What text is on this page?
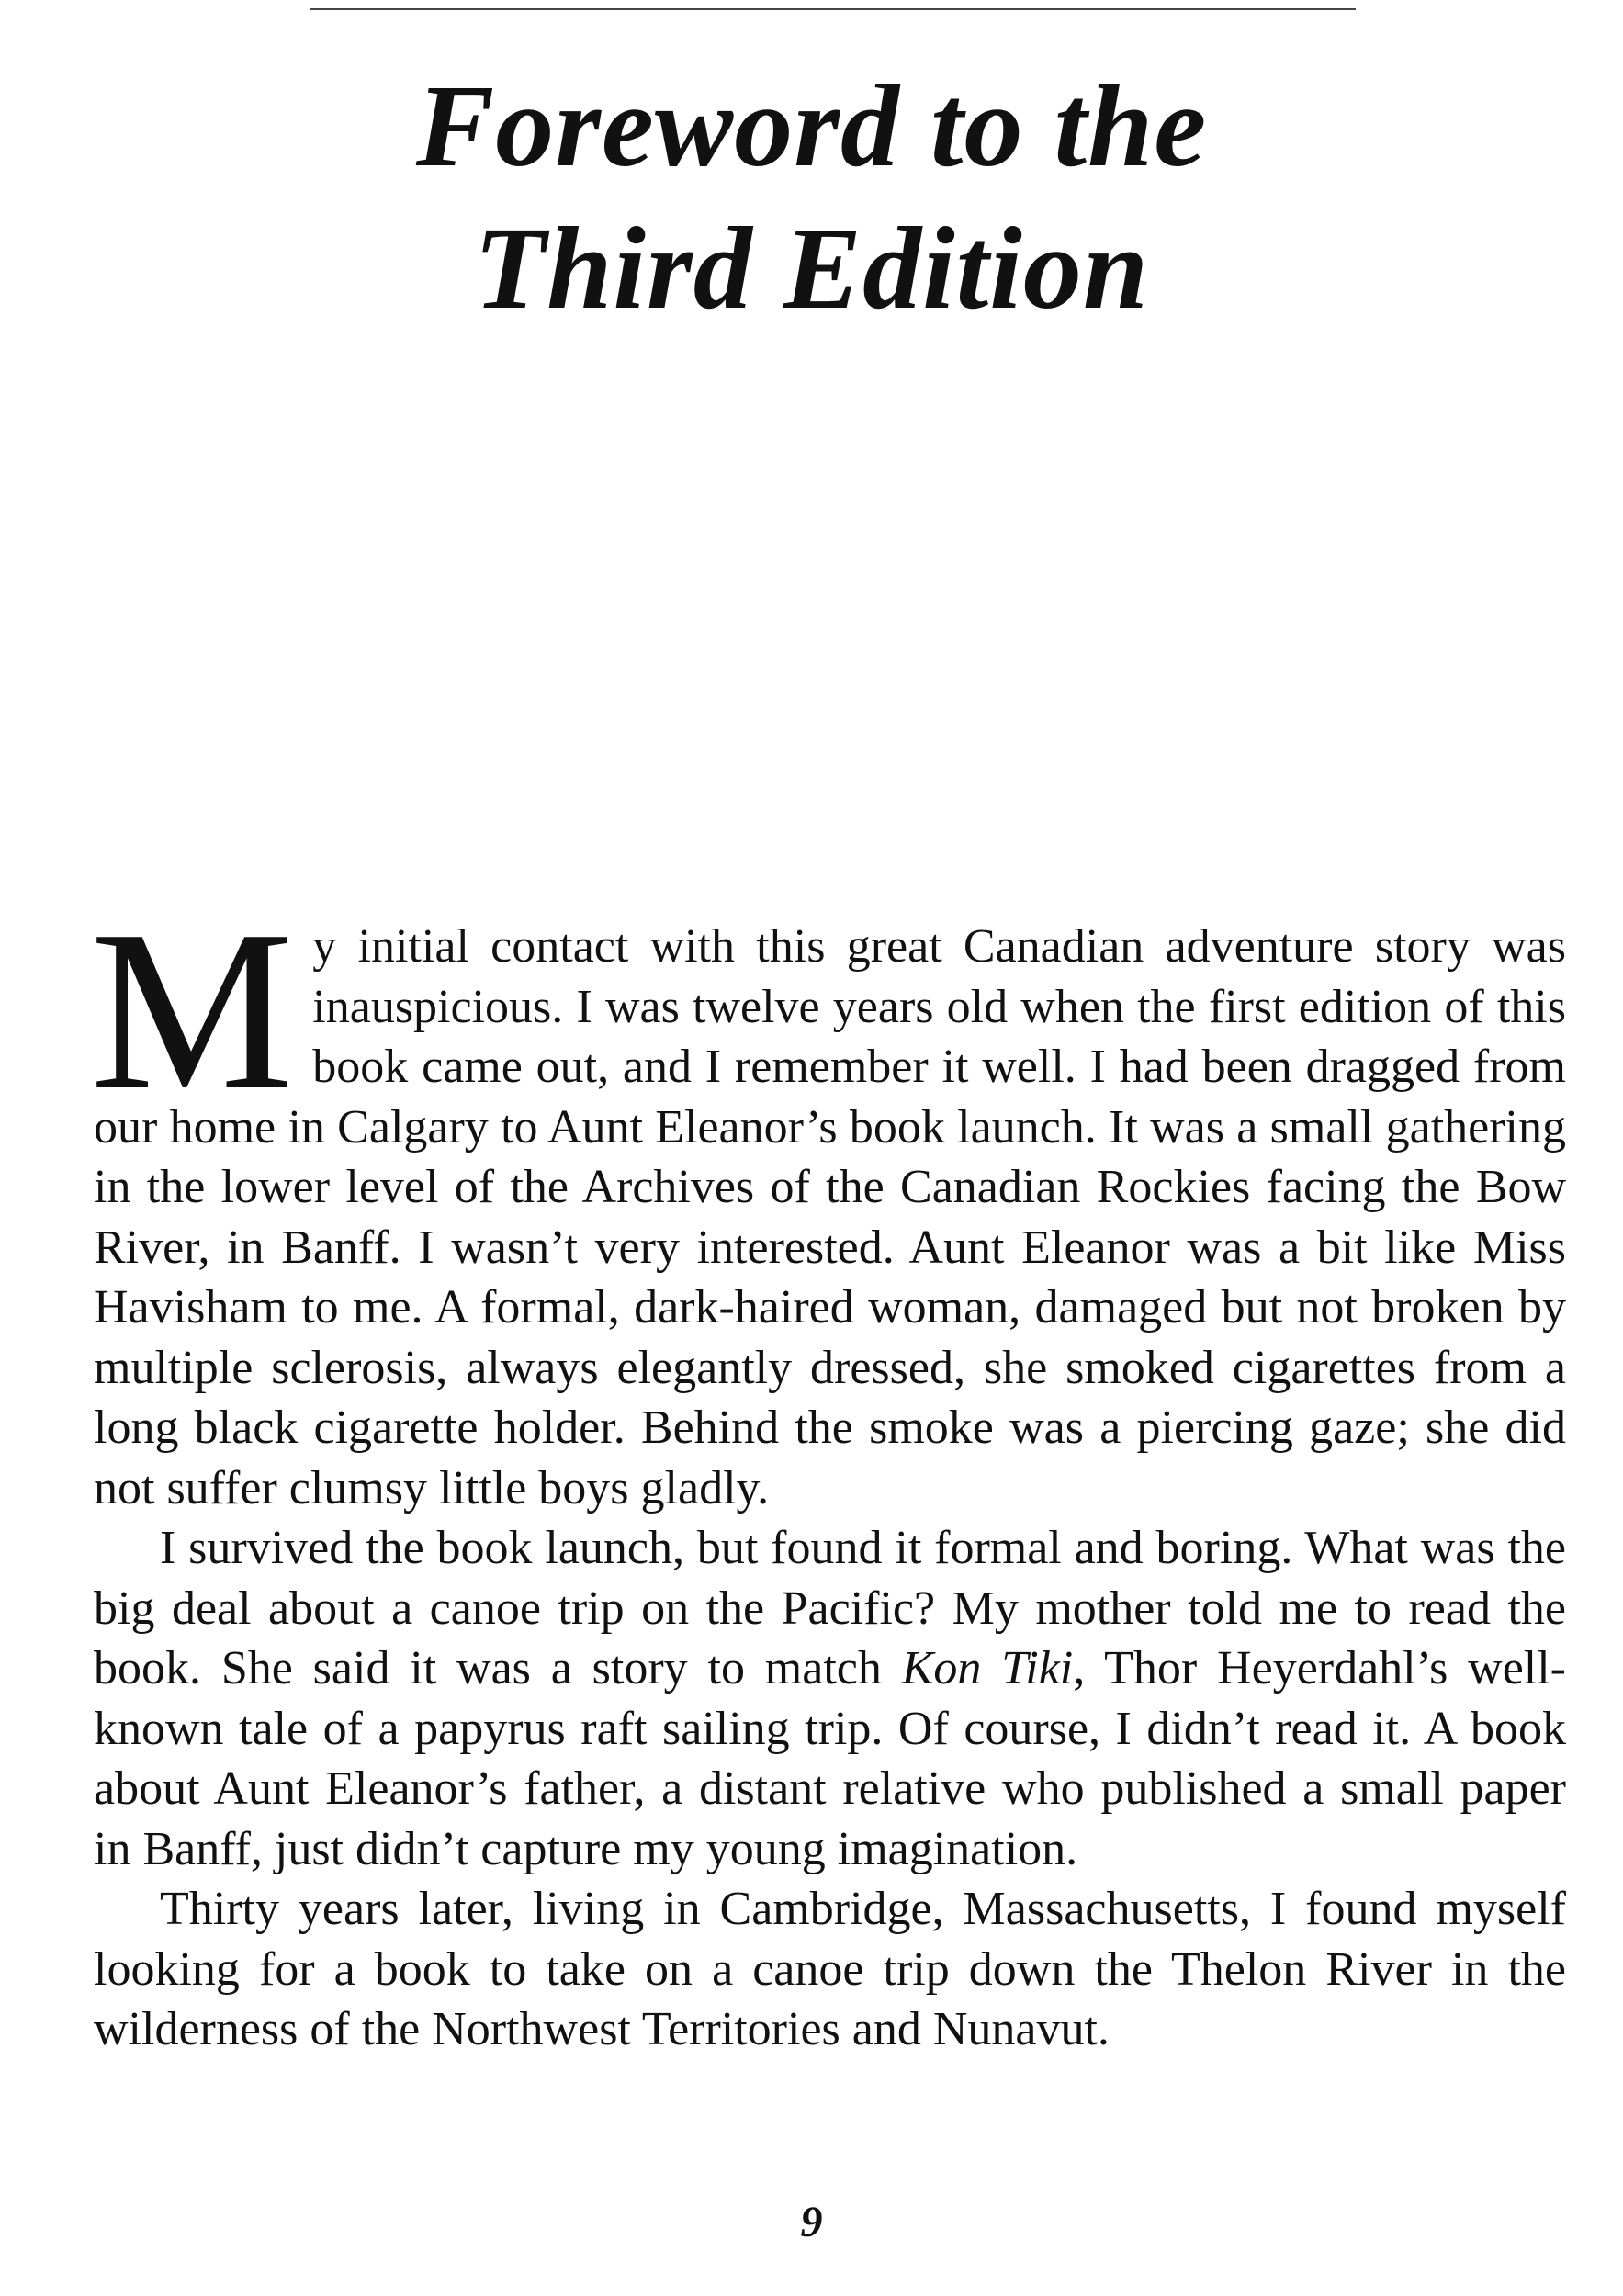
Foreword to the
Third Edition

My initial contact with this great Canadian adventure story was inauspicious. I was twelve years old when the first edition of this book came out, and I remember it well. I had been dragged from our home in Calgary to Aunt Eleanor’s book launch. It was a small gathering in the lower level of the Archives of the Canadian Rockies facing the Bow River, in Banff. I wasn’t very interested. Aunt Eleanor was a bit like Miss Havisham to me. A formal, dark-haired woman, damaged but not broken by multiple sclerosis, always elegantly dressed, she smoked cigarettes from a long black cigarette holder. Behind the smoke was a piercing gaze; she did not suffer clumsy little boys gladly.

I survived the book launch, but found it formal and boring. What was the big deal about a canoe trip on the Pacific? My mother told me to read the book. She said it was a story to match Kon Tiki, Thor Heyerdahl’s well-known tale of a papyrus raft sailing trip. Of course, I didn’t read it. A book about Aunt Eleanor’s father, a distant relative who published a small paper in Banff, just didn’t capture my young imagination.

Thirty years later, living in Cambridge, Massachusetts, I found myself looking for a book to take on a canoe trip down the Thelon River in the wilderness of the Northwest Territories and Nunavut.

9
